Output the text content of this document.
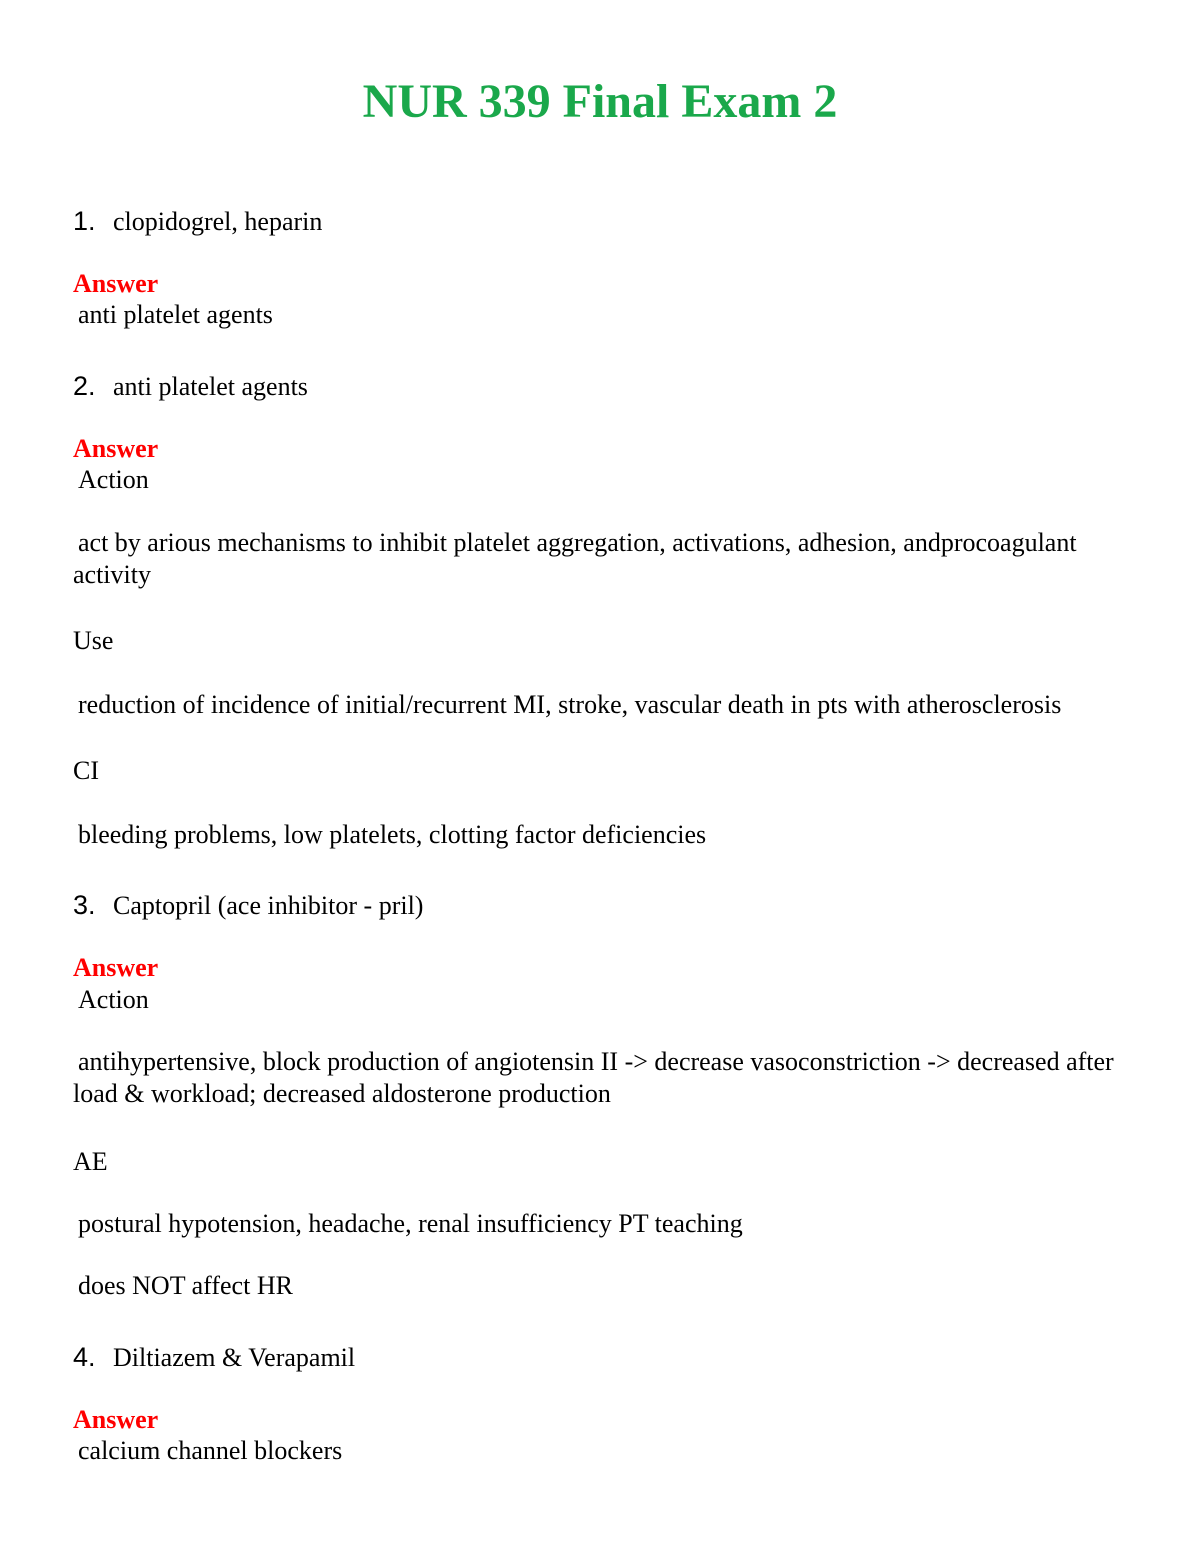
NUR 339 Final Exam 2
1. clopidogrel, heparin
Answer
anti platelet agents
2. anti platelet agents
Answer
Action
act by arious mechanisms to inhibit platelet aggregation, activations, adhesion, andprocoagulant activity
Use
reduction of incidence of initial/recurrent MI, stroke, vascular death in pts with atherosclerosis
CI
bleeding problems, low platelets, clotting factor deficiencies
3. Captopril (ace inhibitor - pril)
Answer
Action
antihypertensive, block production of angiotensin II -> decrease vasoconstriction -> decreased after load & workload; decreased aldosterone production
AE
postural hypotension, headache, renal insufficiency PT teaching
does NOT affect HR
4. Diltiazem & Verapamil
Answer
calcium channel blockers
